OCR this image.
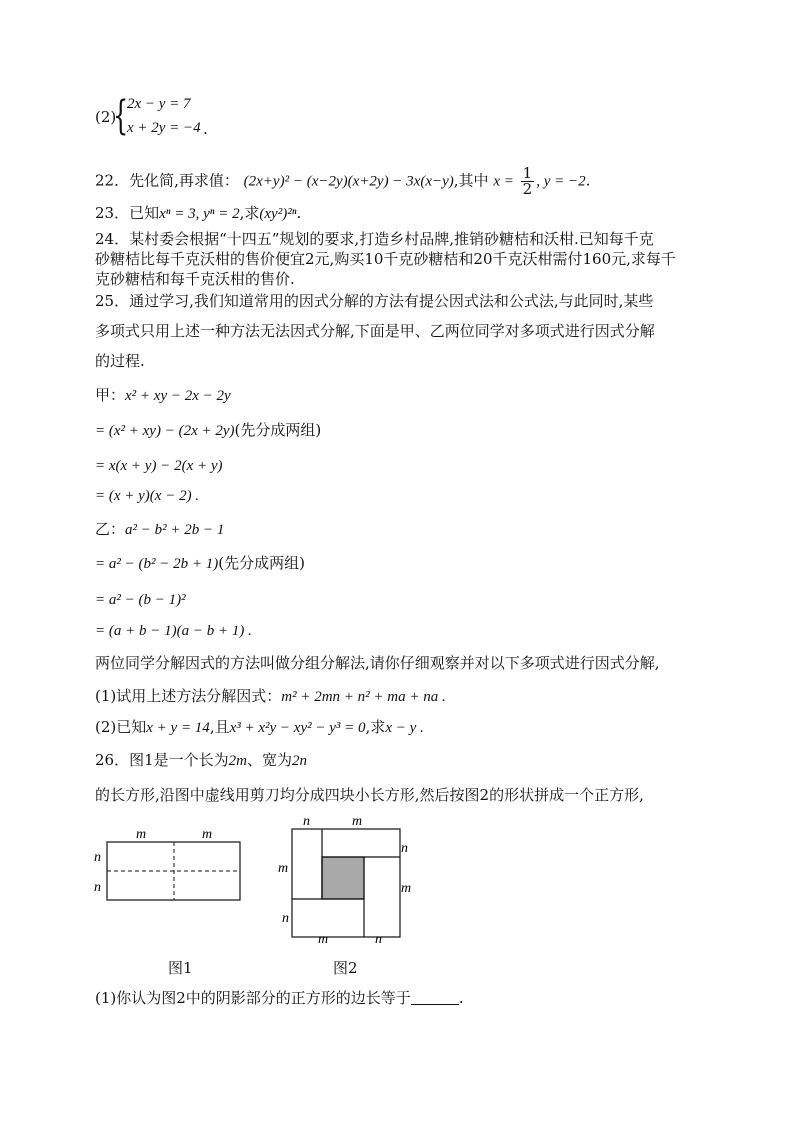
(2)
{
2x − y = 7
x + 2y = −4 .
22．先化简,再求值： (2x+y)² − (x−2y)(x+2y) − 3x(x−y),其中 $x = \frac{1}{2}$ , y = −2.
23．已知xⁿ = 3, yⁿ = 2,求(xy²)²ⁿ.
24．某村委会根据“十四五”规划的要求,打造乡村品牌,推销砂糖桔和沃柑.已知每千克
砂糖桔比每千克沃柑的售价便宜2元,购买10千克砂糖桔和20千克沃柑需付160元,求每千
克砂糖桔和每千克沃柑的售价.
25．通过学习,我们知道常用的因式分解的方法有提公因式法和公式法,与此同时,某些
多项式只用上述一种方法无法因式分解,下面是甲、乙两位同学对多项式进行因式分解
的过程.
甲：x² + xy − 2x − 2y
= (x² + xy) − (2x + 2y)(先分成两组)
= x(x + y) − 2(x + y)
= (x + y)(x − 2) .
乙：a² − b² + 2b − 1
= a² − (b² − 2b + 1)(先分成两组)
= a² − (b − 1)²
= (a + b − 1)(a − b + 1) .
两位同学分解因式的方法叫做分组分解法,请你仔细观察并对以下多项式进行因式分解,
(1)试用上述方法分解因式：m² + 2mn + n² + ma + na .
(2)已知x + y = 14,且x³ + x²y − xy² − y³ = 0,求x − y .
26．图1是一个长为2m、宽为2n
的长方形,沿图中虚线用剪刀均分成四块小长方形,然后按图2的形状拼成一个正方形,
m	m
n
n
图1
n	m
n
m
m
n
m	n
图2
(1)你认为图2中的阴影部分的正方形的边长等于	.
